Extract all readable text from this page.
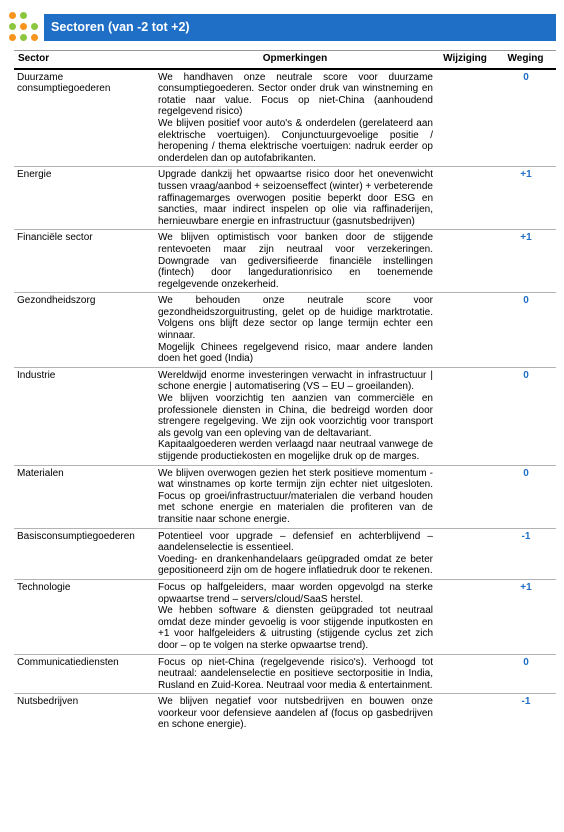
Sectoren (van -2 tot +2)
Sector	Opmerkingen	Wijziging	Weging
Duurzame consumptiegoederen	We handhaven onze neutrale score voor duurzame consumptiegoederen. Sector onder druk van winstneming en rotatie naar value. Focus op niet-China (aanhoudend regelgevend risico)

We blijven positief voor auto's & onderdelen (gerelateerd aan elektrische voertuigen). Conjunctuurgevoelige positie / heropening / thema elektrische voertuigen: nadruk eerder op onderdelen dan op autofabrikanten.		0
Energie	Upgrade dankzij het opwaartse risico door het onevenwicht tussen vraag/aanbod + seizoenseffect (winter) + verbeterende raffinagemarges overwogen positie beperkt door ESG en sancties, maar indirect inspelen op olie via raffinaderijen, hernieuwbare energie en infrastructuur (gasnutsbedrijven)		+1
Financiële sector	We blijven optimistisch voor banken door de stijgende rentevoeten maar zijn neutraal voor verzekeringen. Downgrade van gediversifieerde financiële instellingen (fintech) door langedurationrisico en toenemende regelgevende onzekerheid.		+1
Gezondheidszorg	We behouden onze neutrale score voor gezondheidszorguitrusting, gelet op de huidige marktrotatie. Volgens ons blijft deze sector op lange termijn echter een winnaar.

Mogelijk Chinees regelgevend risico, maar andere landen doen het goed (India)		0
Industrie	Wereldwijd enorme investeringen verwacht in infrastructuur | schone energie | automatisering (VS – EU – groeilanden).

We blijven voorzichtig ten aanzien van commerciële en professionele diensten in China, die bedreigd worden door strengere regelgeving. We zijn ook voorzichtig voor transport als gevolg van een opleving van de deltavariant.

Kapitaalgoederen werden verlaagd naar neutraal vanwege de stijgende productiekosten en mogelijke druk op de marges.		0
Materialen	We blijven overwogen gezien het sterk positieve momentum - wat winstnames op korte termijn zijn echter niet uitgesloten. Focus op groei/infrastructuur/materialen die verband houden met schone energie en materialen die profiteren van de transitie naar schone energie.		0
Basisconsumptiegoederen	Potentieel voor upgrade – defensief en achterblijvend – aandelenselectie is essentieel.

Voeding- en drankenhandelaars geüpgraded omdat ze beter gepositioneerd zijn om de hogere inflatiedruk door te rekenen.		-1
Technologie	Focus op halfgeleiders, maar worden opgevolgd na sterke opwaartse trend – servers/cloud/SaaS herstel.

We hebben software & diensten geüpgraded tot neutraal omdat deze minder gevoelig is voor stijgende inputkosten en +1 voor halfgeleiders & uitrusting (stijgende cyclus zet zich door – op te volgen na sterke opwaartse trend).		+1
Communicatiediensten	Focus op niet-China (regelgevende risico's). Verhoogd tot neutraal: aandelenselectie en positieve sectorpositie in India, Rusland en Zuid-Korea. Neutraal voor media & entertainment.		0
Nutsbedrijven	We blijven negatief voor nutsbedrijven en bouwen onze voorkeur voor defensieve aandelen af (focus op gasbedrijven en schone energie).		-1
